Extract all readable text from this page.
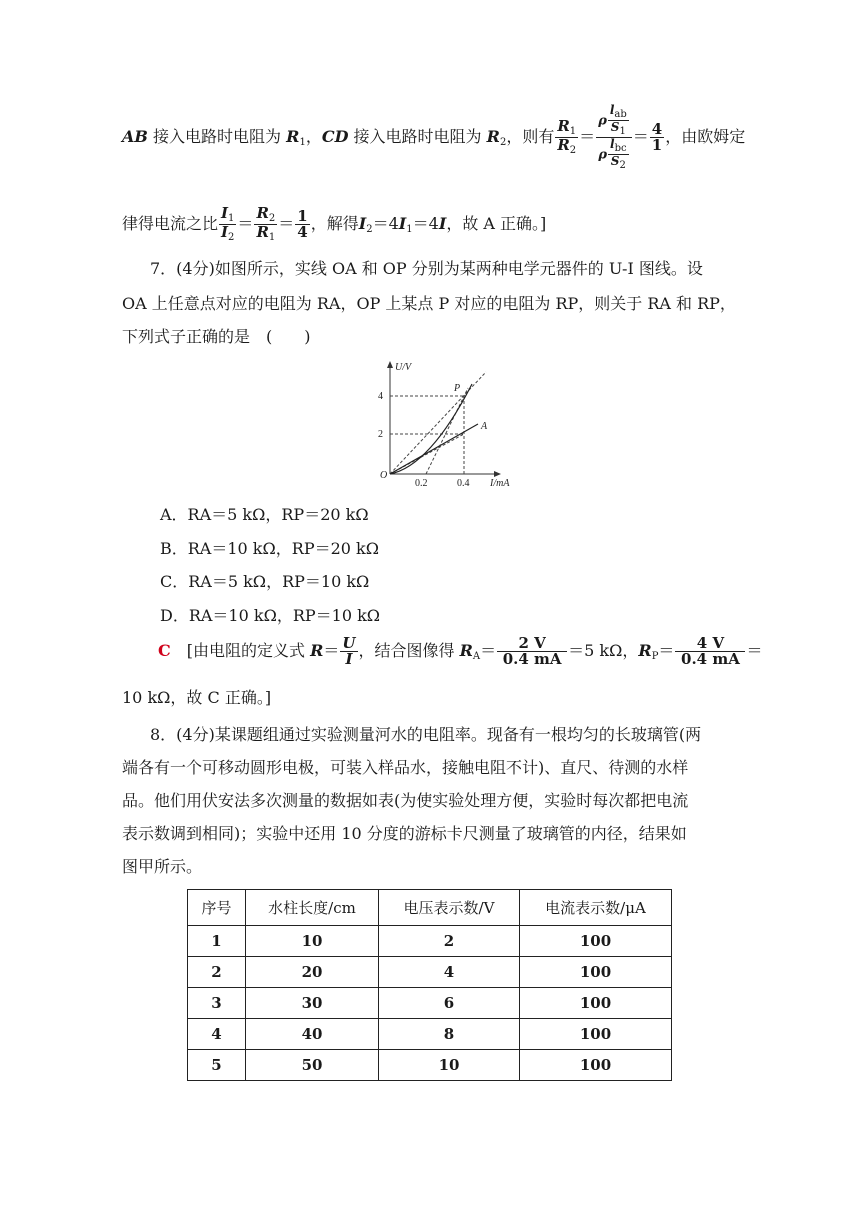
AB 接入电路时电阻为 $R_1$，CD 接入电路时电阻为 $R_2$，则有 $\frac{R_1}{R_2} = \frac{\rho \frac{l_{ab}}{S_1}}{\rho \frac{l_{bc}}{S_2}} = \frac{4}{1}$ ，由欧姆定
律得电流之比 $\frac{I_1}{I_2} = \frac{R_2}{R_1} = \frac{1}{4}$ ，解得$I_2=4I_1=4I$，故 A 正确。]
7．(4分)如图所示，实线 OA 和 OP 分别为某两种电学元器件的 U-I 图线。设
OA 上任意点对应的电阻为 RA，OP 上某点 P 对应的电阻为 RP，则关于 RA 和 RP，
下列式子正确的是　(　　)
U/V
I/mA
O
4
2
0.2	0.4
P
A
A．RA＝5 kΩ，RP＝20 kΩ
B．RA＝10 kΩ，RP＝20 kΩ
C．RA＝5 kΩ，RP＝10 kΩ
D．RA＝10 kΩ，RP＝10 kΩ
C　 [由电阻的定义式 $R= \frac{U}{I}$ ，结合图像得 $R_A= \frac{2 V}{0.4 mA} =5$ kΩ，$R_P= \frac{4 V}{0.4 mA}$ ＝
10 kΩ，故 C 正确。]
8．(4分)某课题组通过实验测量河水的电阻率。现备有一根均匀的长玻璃管(两
端各有一个可移动圆形电极，可装入样品水，接触电阻不计)、直尺、待测的水样
品。他们用伏安法多次测量的数据如表(为使实验处理方便，实验时每次都把电流
表示数调到相同)；实验中还用 10 分度的游标卡尺测量了玻璃管的内径，结果如
图甲所示。
序号	水柱长度/cm	电压表示数/V	电流表示数/μA
1	10	2	100
2	20	4	100
3	30	6	100
4	40	8	100
5	50	10	100
